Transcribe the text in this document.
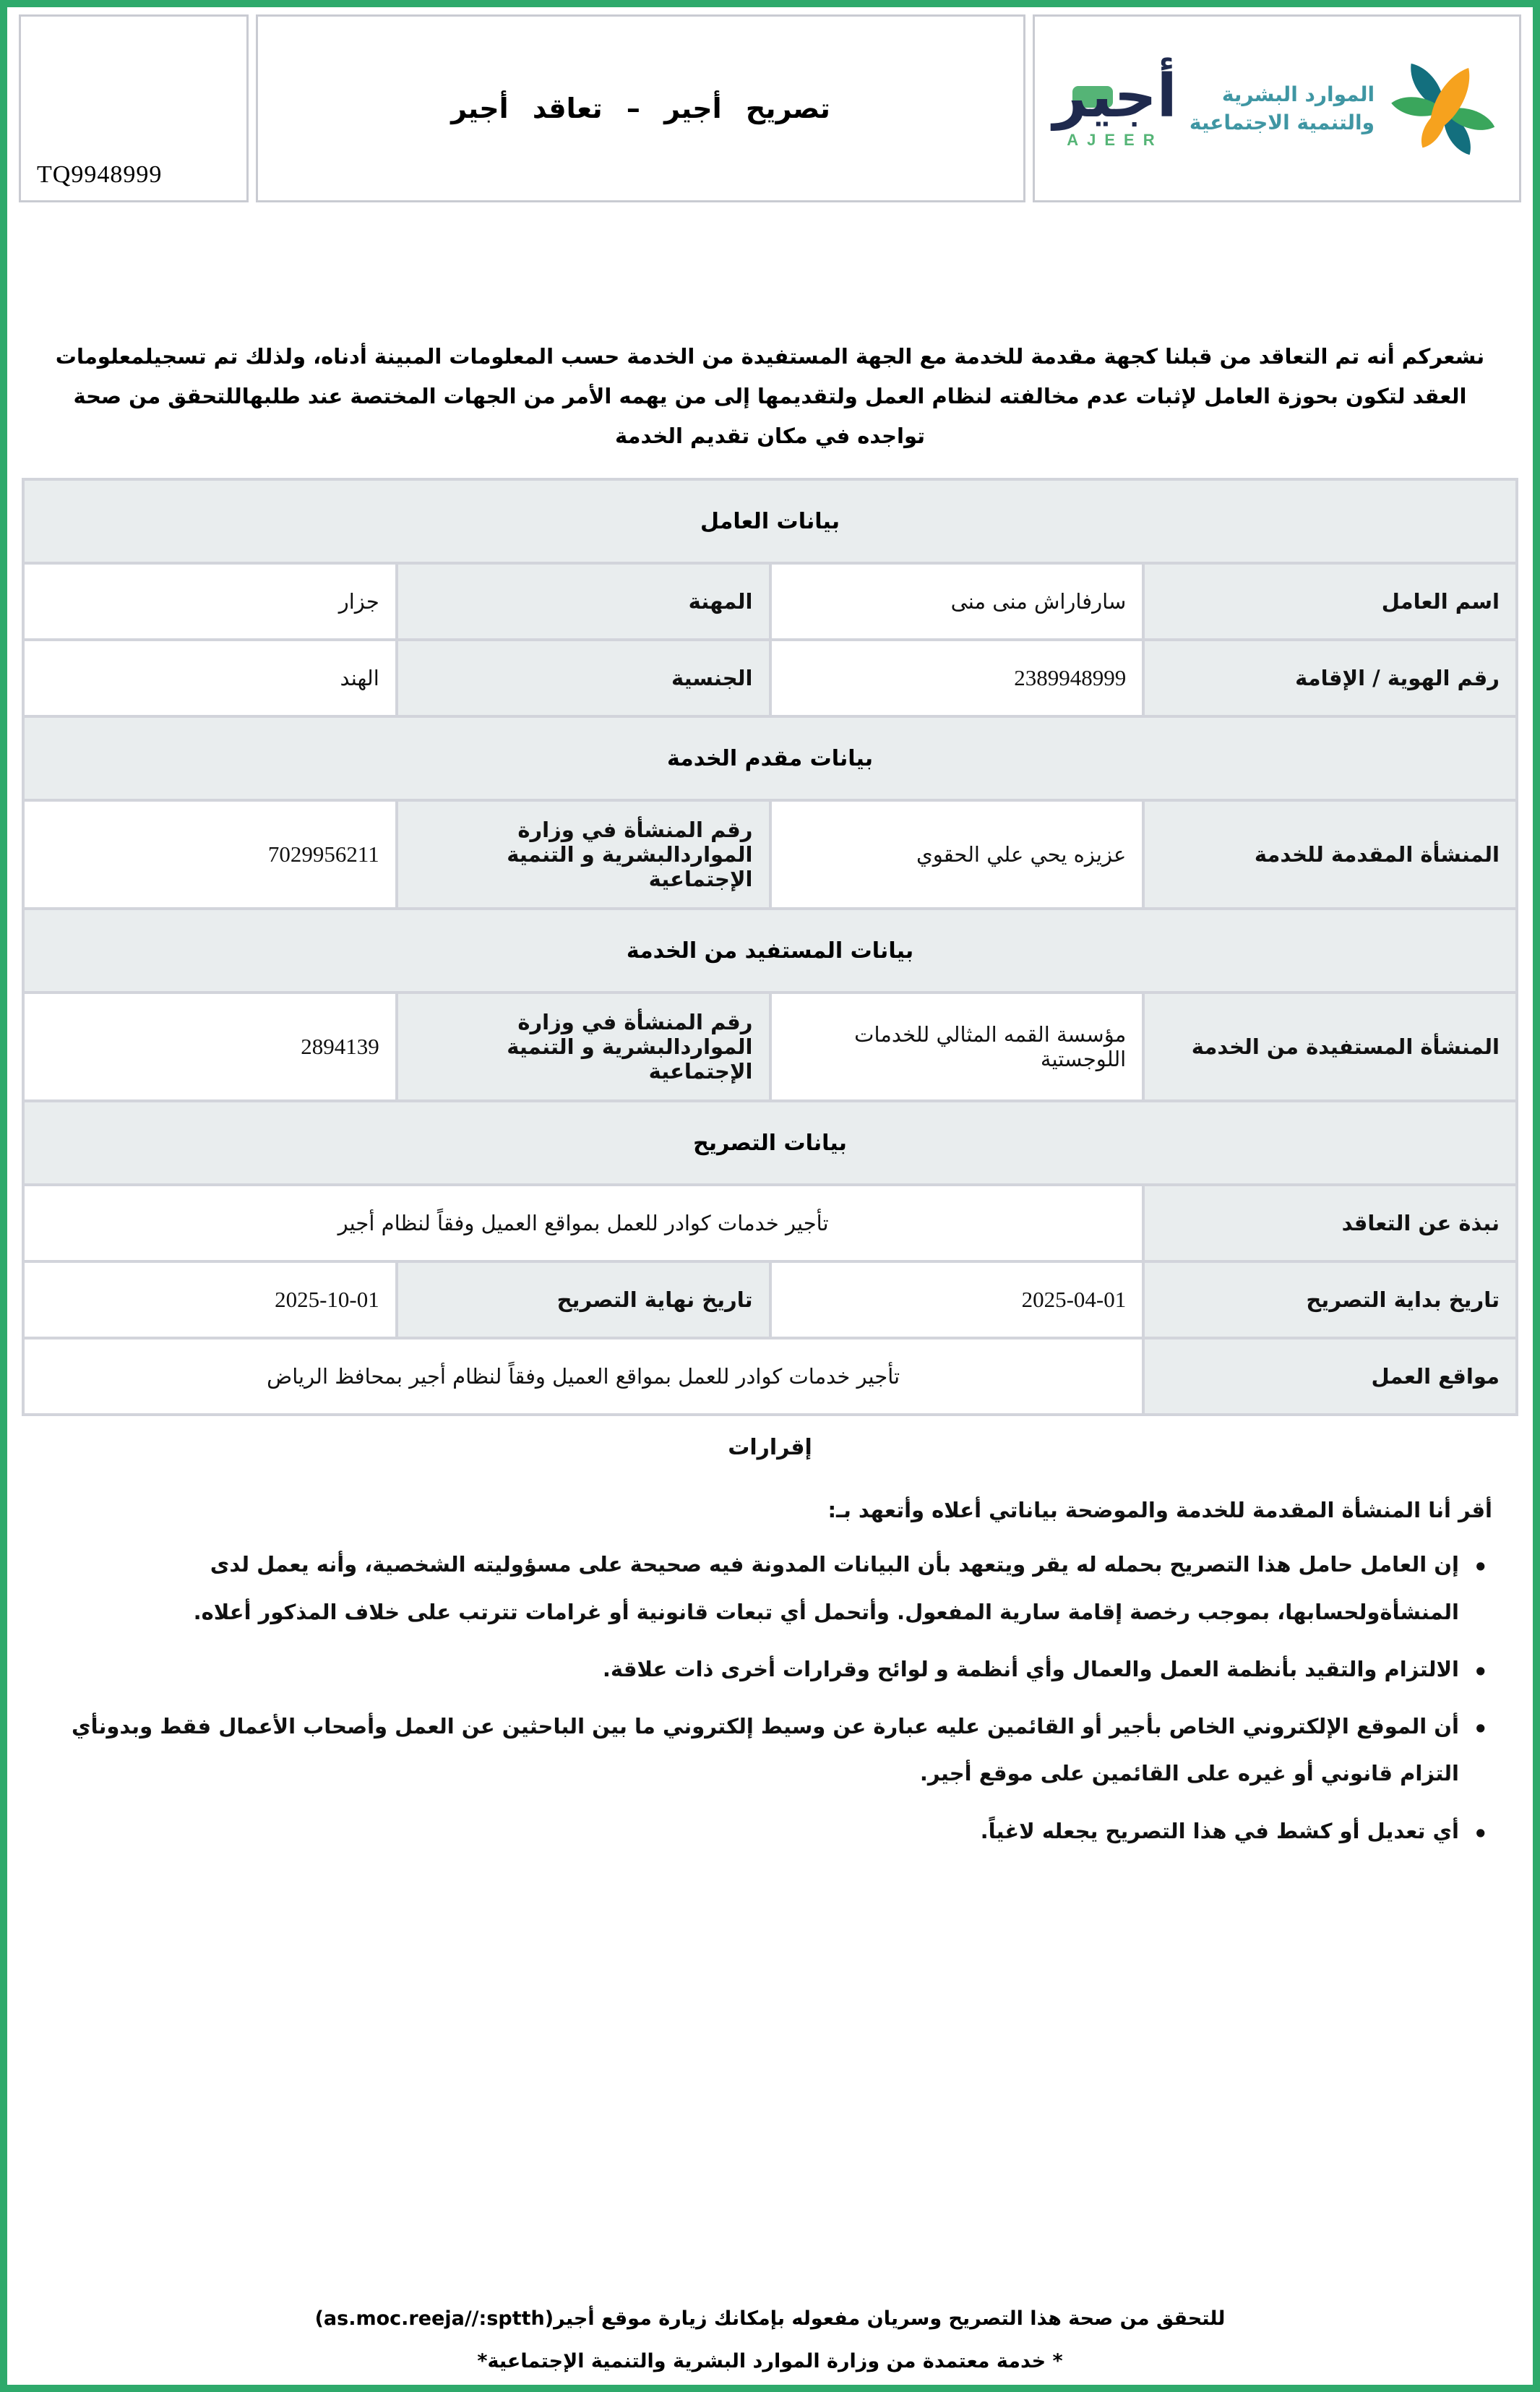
TQ9948999
تصريح أجير – تعاقد أجير	أجير
AJEER
الموارد البشرية
والتنمية الاجتماعية

نشعركم أنه تم التعاقد من قبلنا كجهة مقدمة للخدمة مع الجهة المستفيدة من الخدمة حسب المعلومات المبينة أدناه، ولذلك تم تسجيلمعلومات العقد لتكون بحوزة العامل لإثبات عدم مخالفته لنظام العمل ولتقديمها إلى من يهمه الأمر من الجهات المختصة عند طلبهاللتحقق من صحة تواجده في مكان تقديم الخدمة

بيانات العامل			
اسم العامل	سارفاراش منى منى	المهنة	جزار
رقم الهوية / الإقامة	2389948999	الجنسية	الهند
بيانات مقدم الخدمة			
المنشأة المقدمة للخدمة	عزيزه يحي علي الحقوي	رقم المنشأة في وزارة المواردالبشرية و التنمية الإجتماعية	7029956211
بيانات المستفيد من الخدمة			
المنشأة المستفيدة من الخدمة	مؤسسة القمه المثالي للخدمات اللوجستية	رقم المنشأة في وزارة المواردالبشرية و التنمية الإجتماعية	2894139
بيانات التصريح			
نبذة عن التعاقد	تأجير خدمات كوادر للعمل بمواقع العميل وفقاً لنظام أجير		
تاريخ بداية التصريح	2025-04-01	تاريخ نهاية التصريح	2025-10-01
مواقع العمل	تأجير خدمات كوادر للعمل بمواقع العميل وفقاً لنظام أجير بمحافظ الرياض		
إقرارات
أقر أنا المنشأة المقدمة للخدمة والموضحة بياناتي أعلاه وأتعهد بـ:
• إن العامل حامل هذا التصريح بحمله له يقر ويتعهد بأن البيانات المدونة فيه صحيحة على مسؤوليته الشخصية، وأنه يعمل لدى المنشأةولحسابها، بموجب رخصة إقامة سارية المفعول. وأتحمل أي تبعات قانونية أو غرامات تترتب على خلاف المذكور أعلاه.
• الالتزام والتقيد بأنظمة العمل والعمال وأي أنظمة و لوائح وقرارات أخرى ذات علاقة.
• أن الموقع الإلكتروني الخاص بأجير أو القائمين عليه عبارة عن وسيط إلكتروني ما بين الباحثين عن العمل وأصحاب الأعمال فقط وبدونأي التزام قانوني أو غيره على القائمين على موقع أجير.
• أي تعديل أو كشط في هذا التصريح يجعله لاغياً.
للتحقق من صحة هذا التصريح وسريان مفعوله بإمكانك زيارة موقع أجير(as.moc.reeja//:sptth)
* خدمة معتمدة من وزارة الموارد البشرية والتنمية الإجتماعية*
